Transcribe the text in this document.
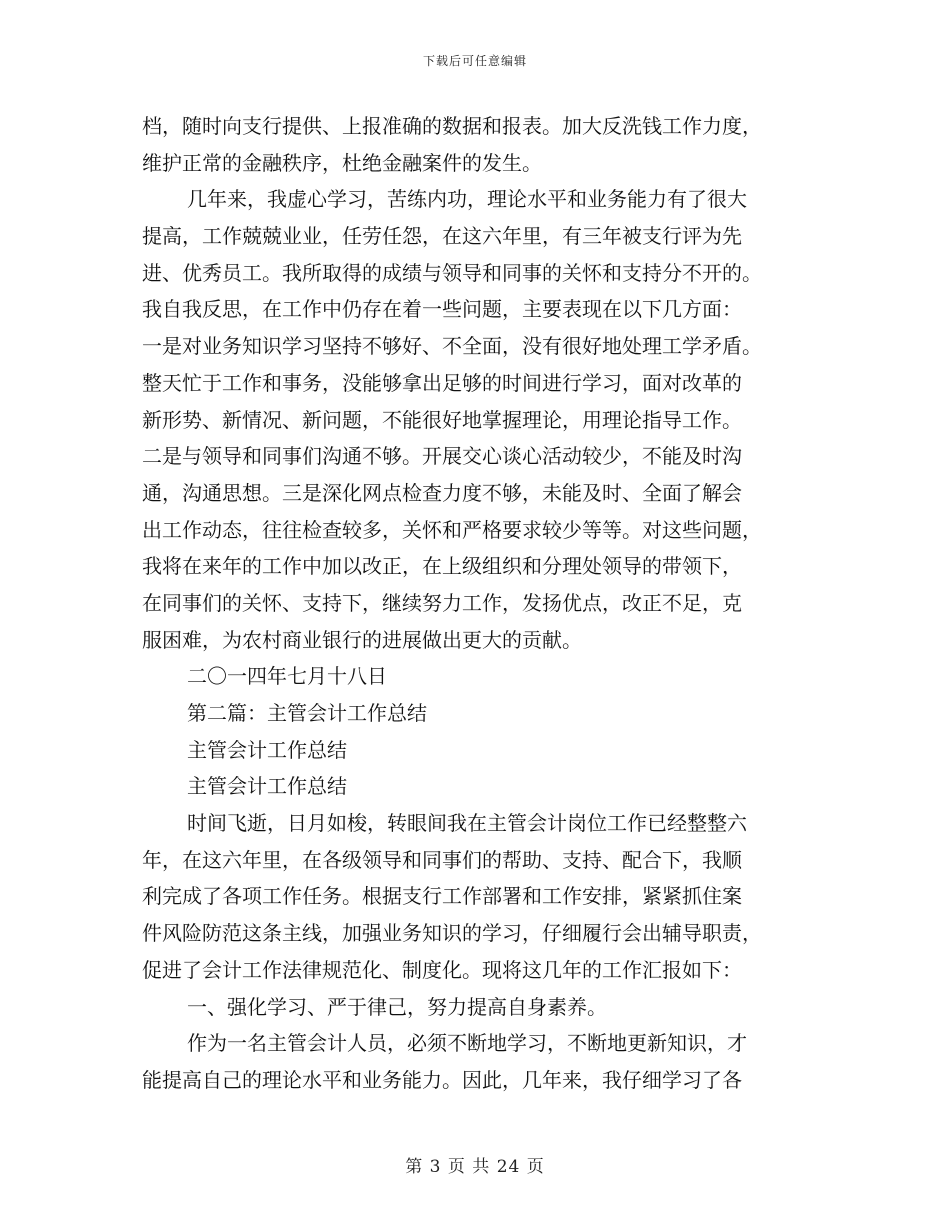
下载后可任意编辑
档，随时向支行提供、上报准确的数据和报表。加大反洗钱工作力度，
维护正常的金融秩序，杜绝金融案件的发生。
几年来，我虚心学习，苦练内功，理论水平和业务能力有了很大
提高，工作兢兢业业，任劳任怨，在这六年里，有三年被支行评为先
进、优秀员工。我所取得的成绩与领导和同事的关怀和支持分不开的。
我自我反思，在工作中仍存在着一些问题，主要表现在以下几方面：
一是对业务知识学习坚持不够好、不全面，没有很好地处理工学矛盾。
整天忙于工作和事务，没能够拿出足够的时间进行学习，面对改革的
新形势、新情况、新问题，不能很好地掌握理论，用理论指导工作。
二是与领导和同事们沟通不够。开展交心谈心活动较少，不能及时沟
通，沟通思想。三是深化网点检查力度不够，未能及时、全面了解会
出工作动态，往往检查较多，关怀和严格要求较少等等。对这些问题，
我将在来年的工作中加以改正，在上级组织和分理处领导的带领下，
在同事们的关怀、支持下，继续努力工作，发扬优点，改正不足，克
服困难，为农村商业银行的进展做出更大的贡献。
二〇一四年七月十八日
第二篇：主管会计工作总结
主管会计工作总结
主管会计工作总结
时间飞逝，日月如梭，转眼间我在主管会计岗位工作已经整整六
年，在这六年里，在各级领导和同事们的帮助、支持、配合下，我顺
利完成了各项工作任务。根据支行工作部署和工作安排，紧紧抓住案
件风险防范这条主线，加强业务知识的学习，仔细履行会出辅导职责，
促进了会计工作法律规范化、制度化。现将这几年的工作汇报如下：
一、强化学习、严于律己，努力提高自身素养。
作为一名主管会计人员，必须不断地学习，不断地更新知识，才
能提高自己的理论水平和业务能力。因此，几年来，我仔细学习了各
第 3 页 共 24 页
